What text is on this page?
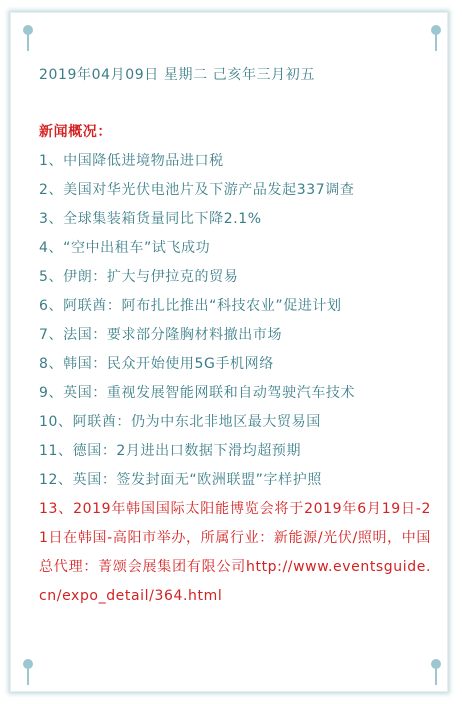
2019年04月09日 星期二 己亥年三月初五
新闻概况：
1、中国降低进境物品进口税
2、美国对华光伏电池片及下游产品发起337调查
3、全球集装箱货量同比下降2.1%
4、“空中出租车”试飞成功
5、伊朗：扩大与伊拉克的贸易
6、阿联酋：阿布扎比推出“科技农业”促进计划
7、法国：要求部分隆胸材料撤出市场
8、韩国：民众开始使用5G手机网络
9、英国：重视发展智能网联和自动驾驶汽车技术
10、阿联酋：仍为中东北非地区最大贸易国
11、德国：2月进出口数据下滑均超预期
12、英国：签发封面无“欧洲联盟”字样护照
13、2019年韩国国际太阳能博览会将于2019年6月19日-21日在韩国-高阳市举办，所属行业：新能源/光伏/照明，中国总代理：菁颂会展集团有限公司http://www.eventsguide.cn/expo_detail/364.html
